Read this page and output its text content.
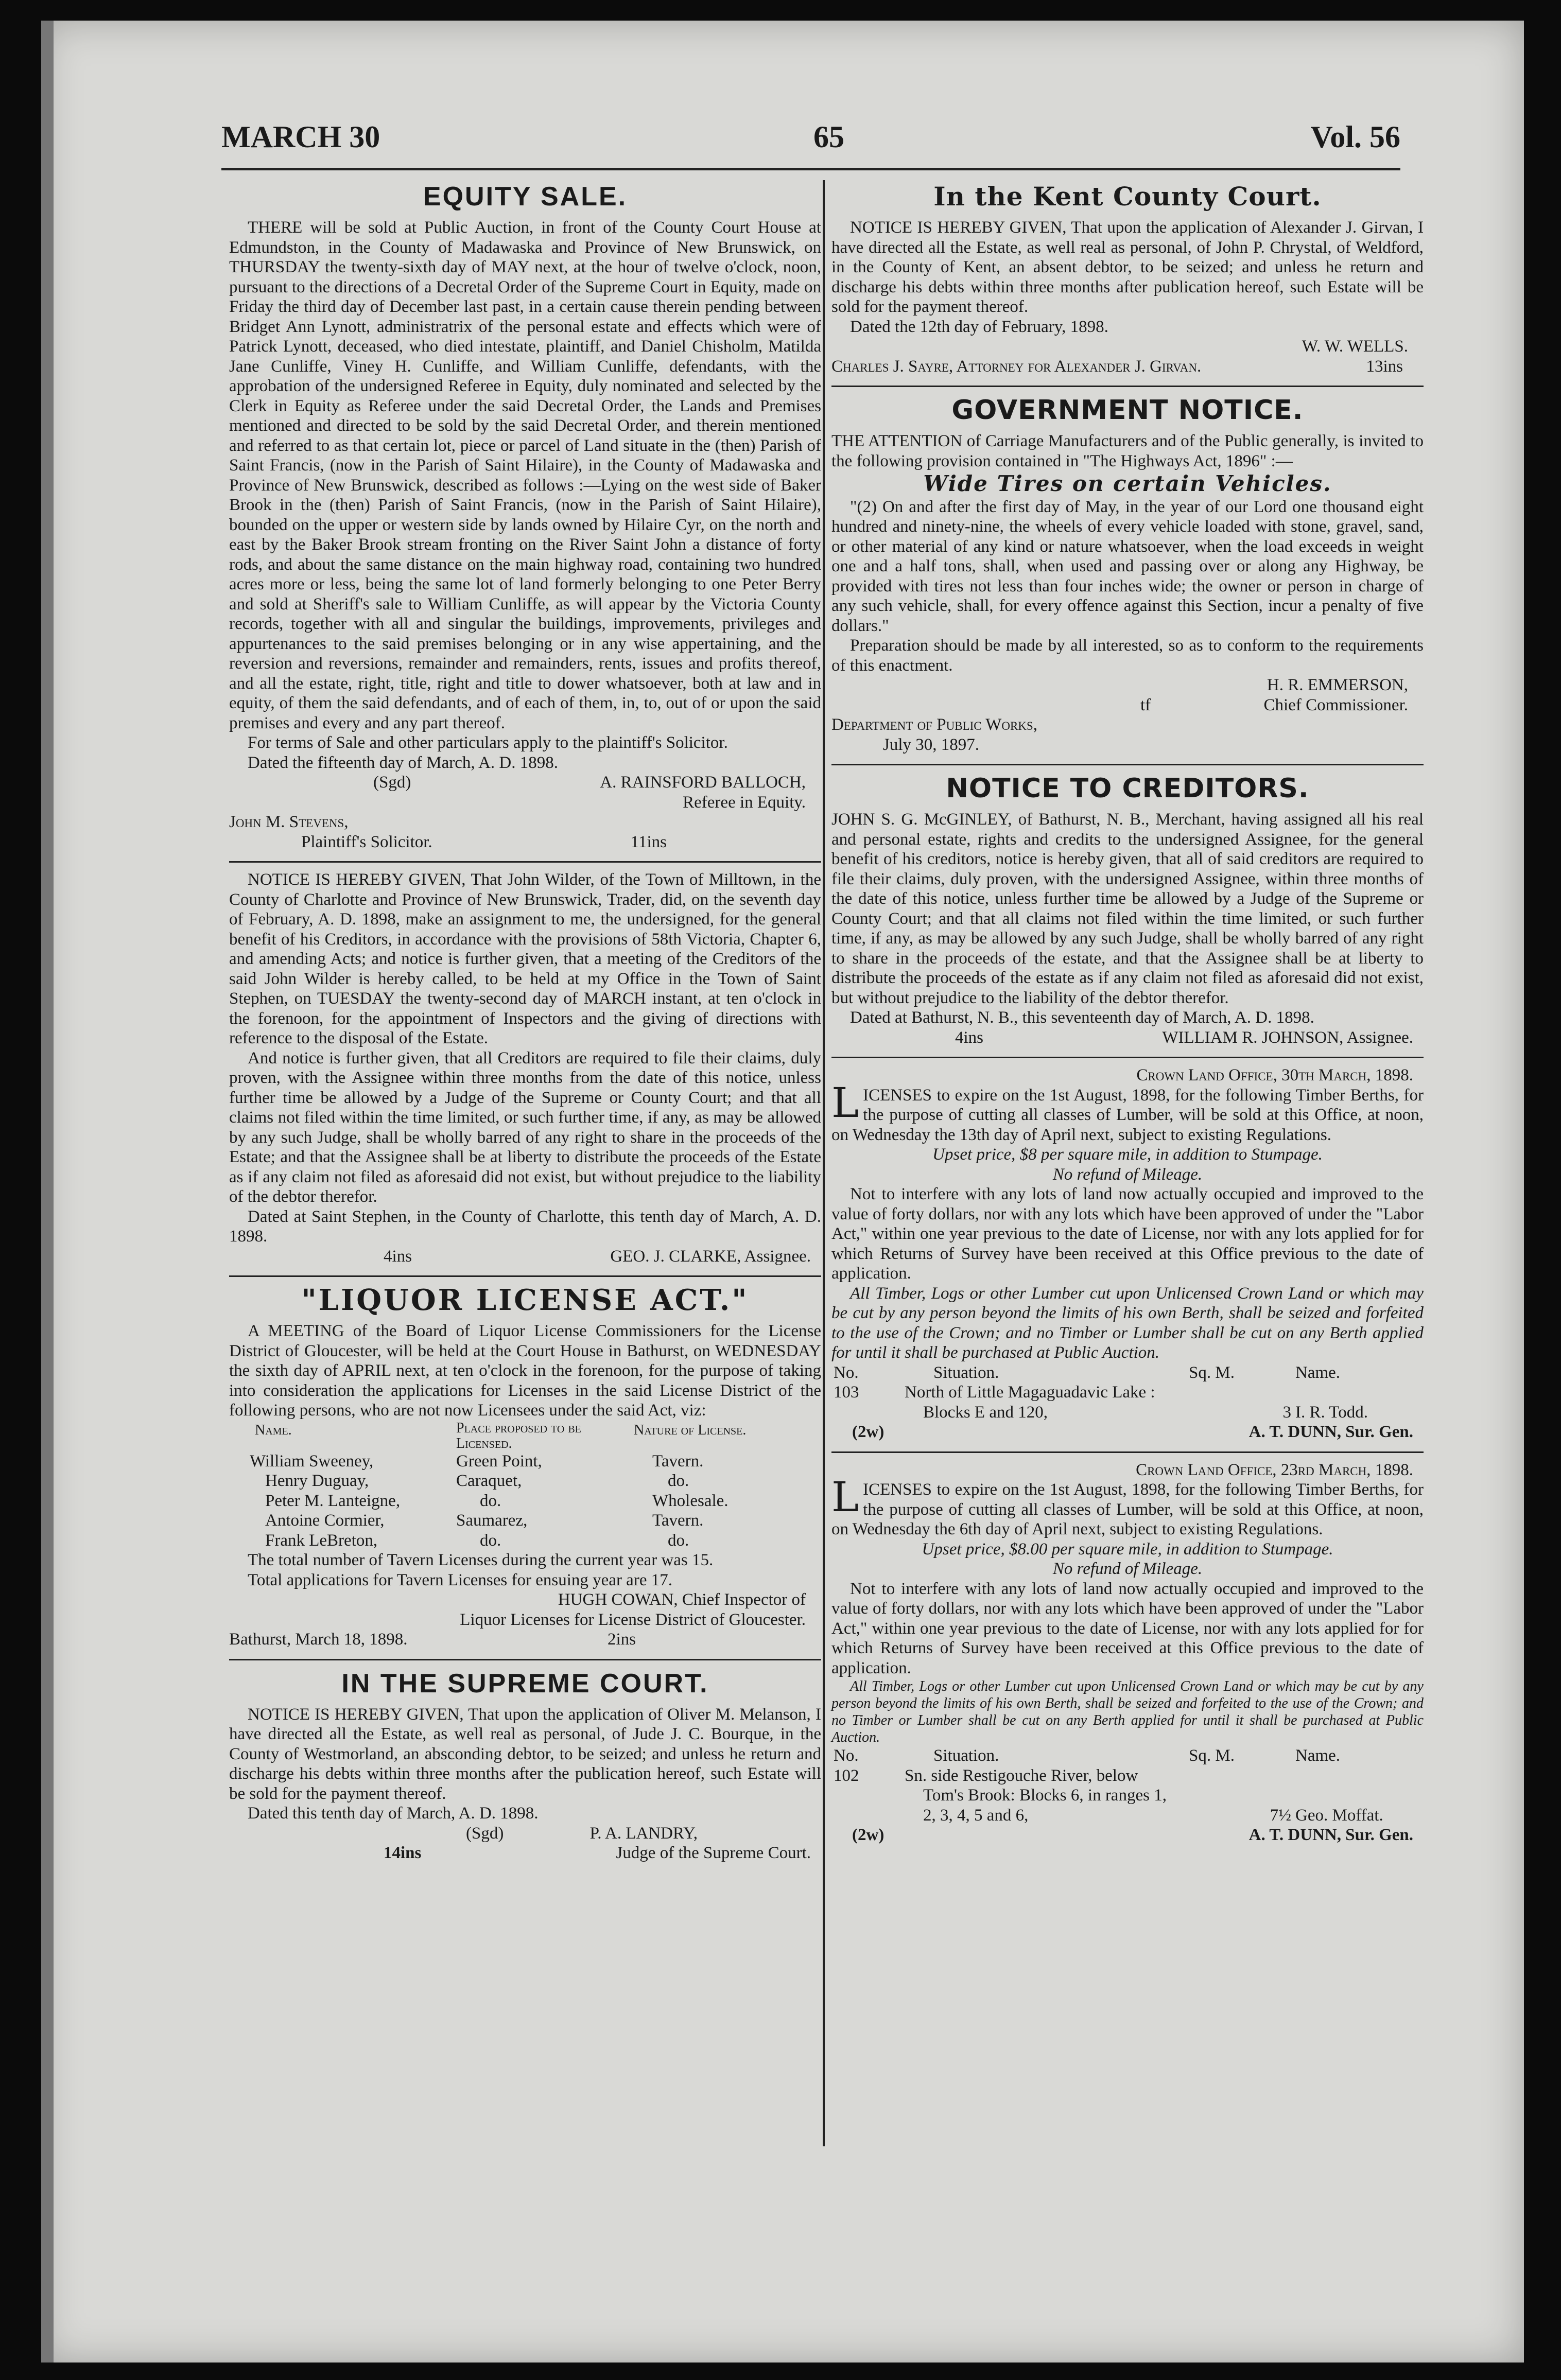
MARCH 30	65	Vol. 56
EQUITY SALE.

THERE will be sold at Public Auction, in front of the County Court House at Edmundston, in the County of Madawaska and Province of New Brunswick, on THURSDAY the twenty-sixth day of MAY next, at the hour of twelve o'clock, noon, pursuant to the directions of a Decretal Order of the Supreme Court in Equity, made on Friday the third day of December last past, in a certain cause therein pending between Bridget Ann Lynott, administratrix of the personal estate and effects which were of Patrick Lynott, deceased, who died intestate, plaintiff, and Daniel Chisholm, Matilda Jane Cunliffe, Viney H. Cunliffe, and William Cunliffe, defendants, with the approbation of the undersigned Referee in Equity, duly nominated and selected by the Clerk in Equity as Referee under the said Decretal Order, the Lands and Premises mentioned and directed to be sold by the said Decretal Order, and therein mentioned and referred to as that certain lot, piece or parcel of Land situate in the (then) Parish of Saint Francis, (now in the Parish of Saint Hilaire), in the County of Madawaska and Province of New Brunswick, described as follows :—Lying on the west side of Baker Brook in the (then) Parish of Saint Francis, (now in the Parish of Saint Hilaire), bounded on the upper or western side by lands owned by Hilaire Cyr, on the north and east by the Baker Brook stream fronting on the River Saint John a distance of forty rods, and about the same distance on the main highway road, containing two hundred acres more or less, being the same lot of land formerly belonging to one Peter Berry and sold at Sheriff's sale to William Cunliffe, as will appear by the Victoria County records, together with all and singular the buildings, improvements, privileges and appurtenances to the said premises belonging or in any wise appertaining, and the reversion and reversions, remainder and remainders, rents, issues and profits thereof, and all the estate, right, title, right and title to dower whatsoever, both at law and in equity, of them the said defendants, and of each of them, in, to, out of or upon the said premises and every and any part thereof.

For terms of Sale and other particulars apply to the plaintiff's Solicitor.

Dated the fifteenth day of March, A. D. 1898.

(Sgd)	A. RAINSFORD BALLOCH,
Referee in Equity.
John M. Stevens,
Plaintiff's Solicitor.	11ins

NOTICE IS HEREBY GIVEN, That John Wilder, of the Town of Milltown, in the County of Charlotte and Province of New Brunswick, Trader, did, on the seventh day of February, A. D. 1898, make an assignment to me, the undersigned, for the general benefit of his Creditors, in accordance with the provisions of 58th Victoria, Chapter 6, and amending Acts; and notice is further given, that a meeting of the Creditors of the said John Wilder is hereby called, to be held at my Office in the Town of Saint Stephen, on TUESDAY the twenty-second day of MARCH instant, at ten o'clock in the forenoon, for the appointment of Inspectors and the giving of directions with reference to the disposal of the Estate.

And notice is further given, that all Creditors are required to file their claims, duly proven, with the Assignee within three months from the date of this notice, unless further time be allowed by a Judge of the Supreme or County Court; and that all claims not filed within the time limited, or such further time, if any, as may be allowed by any such Judge, shall be wholly barred of any right to share in the proceeds of the Estate; and that the Assignee shall be at liberty to distribute the proceeds of the Estate as if any claim not filed as aforesaid did not exist, but without prejudice to the liability of the debtor therefor.

Dated at Saint Stephen, in the County of Charlotte, this tenth day of March, A. D. 1898.

4ins	GEO. J. CLARKE, Assignee.
"LIQUOR LICENSE ACT."

A MEETING of the Board of Liquor License Commissioners for the License District of Gloucester, will be held at the Court House in Bathurst, on WEDNESDAY the sixth day of APRIL next, at ten o'clock in the forenoon, for the purpose of taking into consideration the applications for Licenses in the said License District of the following persons, who are not now Licensees under the said Act, viz:

Name.	Place proposed to be Licensed.	Nature of License.
William Sweeney,	Green Point,	Tavern.
Henry Duguay,	Caraquet,	do.
Peter M. Lanteigne,	do.	Wholesale.
Antoine Cormier,	Saumarez,	Tavern.
Frank LeBreton,	do.	do.

The total number of Tavern Licenses during the current year was 15.

Total applications for Tavern Licenses for ensuing year are 17.

HUGH COWAN, Chief Inspector of
Liquor Licenses for License District of Gloucester.
Bathurst, March 18, 1898.	2ins
IN THE SUPREME COURT.

NOTICE IS HEREBY GIVEN, That upon the application of Oliver M. Melanson, I have directed all the Estate, as well real as personal, of Jude J. C. Bourque, in the County of Westmorland, an absconding debtor, to be seized; and unless he return and discharge his debts within three months after the publication hereof, such Estate will be sold for the payment thereof.

Dated this tenth day of March, A. D. 1898.

(Sgd)	P. A. LANDRY,
14ins	Judge of the Supreme Court.
In the Kent County Court.

NOTICE IS HEREBY GIVEN, That upon the application of Alexander J. Girvan, I have directed all the Estate, as well real as personal, of John P. Chrystal, of Weldford, in the County of Kent, an absent debtor, to be seized; and unless he return and discharge his debts within three months after publication hereof, such Estate will be sold for the payment thereof.

Dated the 12th day of February, 1898.

W. W. WELLS.
Charles J. Sayre, Attorney for Alexander J. Girvan.	13ins
GOVERNMENT NOTICE.

THE ATTENTION of Carriage Manufacturers and of the Public generally, is invited to the following provision contained in "The Highways Act, 1896" :—

Wide Tires on certain Vehicles.

"(2) On and after the first day of May, in the year of our Lord one thousand eight hundred and ninety-nine, the wheels of every vehicle loaded with stone, gravel, sand, or other material of any kind or nature whatsoever, when the load exceeds in weight one and a half tons, shall, when used and passing over or along any Highway, be provided with tires not less than four inches wide; the owner or person in charge of any such vehicle, shall, for every offence against this Section, incur a penalty of five dollars."

Preparation should be made by all interested, so as to conform to the requirements of this enactment.

H. R. EMMERSON,
tf	Chief Commissioner.
Department of Public Works,
July 30, 1897.
NOTICE TO CREDITORS.

JOHN S. G. McGINLEY, of Bathurst, N. B., Merchant, having assigned all his real and personal estate, rights and credits to the undersigned Assignee, for the general benefit of his creditors, notice is hereby given, that all of said creditors are required to file their claims, duly proven, with the undersigned Assignee, within three months of the date of this notice, unless further time be allowed by a Judge of the Supreme or County Court; and that all claims not filed within the time limited, or such further time, if any, as may be allowed by any such Judge, shall be wholly barred of any right to share in the proceeds of the estate, and that the Assignee shall be at liberty to distribute the proceeds of the estate as if any claim not filed as aforesaid did not exist, but without prejudice to the liability of the debtor therefor.

Dated at Bathurst, N. B., this seventeenth day of March, A. D. 1898.

4ins	WILLIAM R. JOHNSON, Assignee.
Crown Land Office, 30th March, 1898.

LICENSES to expire on the 1st August, 1898, for the following Timber Berths, for the purpose of cutting all classes of Lumber, will be sold at this Office, at noon, on Wednesday the 13th day of April next, subject to existing Regulations.

Upset price, $8 per square mile, in addition to Stumpage.
No refund of Mileage.

Not to interfere with any lots of land now actually occupied and improved to the value of forty dollars, nor with any lots which have been approved of under the "Labor Act," within one year previous to the date of License, nor with any lots applied for for which Returns of Survey have been received at this Office previous to the date of application.

All Timber, Logs or other Lumber cut upon Unlicensed Crown Land or which may be cut by any person beyond the limits of his own Berth, shall be seized and forfeited to the use of the Crown; and no Timber or Lumber shall be cut on any Berth applied for until it shall be purchased at Public Auction.

No.	Situation.	Sq. M.	Name.
103	North of Little Magaguadavic Lake :		
	Blocks E and 120,	3	I. R. Todd.
(2w)	A. T. DUNN, Sur. Gen.
Crown Land Office, 23rd March, 1898.

LICENSES to expire on the 1st August, 1898, for the following Timber Berths, for the purpose of cutting all classes of Lumber, will be sold at this Office, at noon, on Wednesday the 6th day of April next, subject to existing Regulations.

Upset price, $8.00 per square mile, in addition to Stumpage.
No refund of Mileage.

Not to interfere with any lots of land now actually occupied and improved to the value of forty dollars, nor with any lots which have been approved of under the "Labor Act," within one year previous to the date of License, nor with any lots applied for for which Returns of Survey have been received at this Office previous to the date of application.

All Timber, Logs or other Lumber cut upon Unlicensed Crown Land or which may be cut by any person beyond the limits of his own Berth, shall be seized and forfeited to the use of the Crown; and no Timber or Lumber shall be cut on any Berth applied for until it shall be purchased at Public Auction.

No.	Situation.	Sq. M.	Name.
102	Sn. side Restigouche River, below		
	Tom's Brook: Blocks 6, in ranges 1,		
	2, 3, 4, 5 and 6,	7½	Geo. Moffat.
(2w)	A. T. DUNN, Sur. Gen.
